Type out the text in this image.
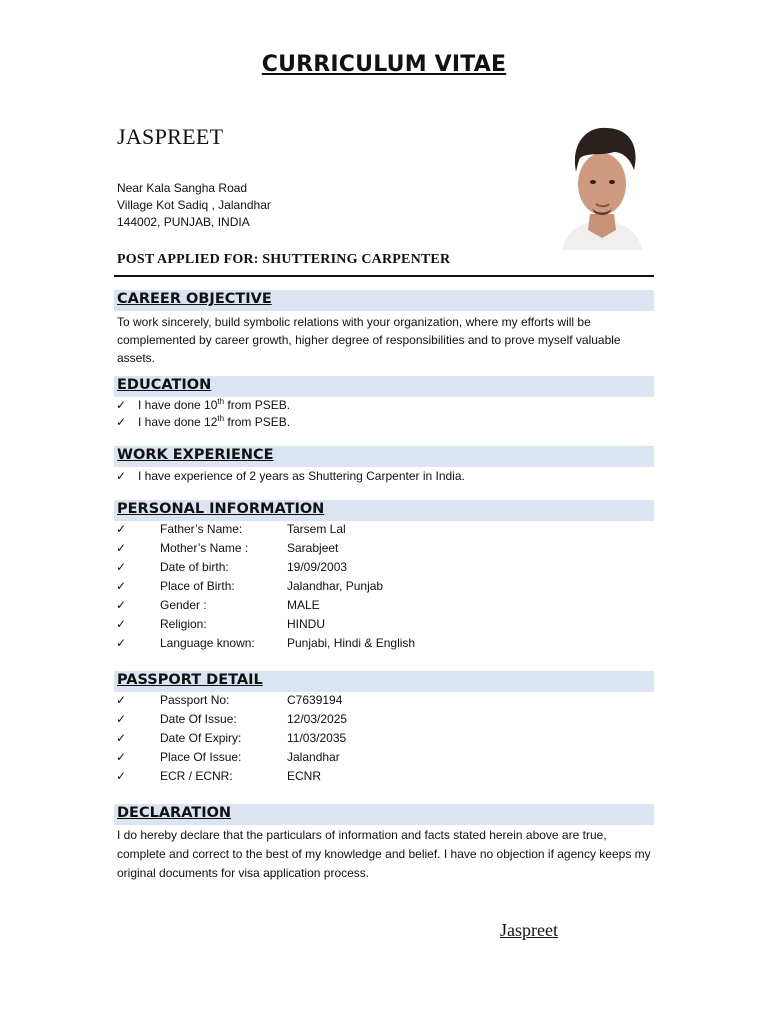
CURRICULUM VITAE
JASPREET
Near Kala Sangha Road
Village Kot Sadiq , Jalandhar
144002, PUNJAB, INDIA
POST APPLIED FOR: SHUTTERING CARPENTER
CAREER OBJECTIVE
To work sincerely, build symbolic relations with your organization, where my efforts will be
complemented by career growth, higher degree of responsibilities and to prove myself valuable
assets.
EDUCATION
✓ I have done 10th from PSEB.
✓ I have done 12th from PSEB.
WORK EXPERIENCE
✓ I have experience of 2 years as Shuttering Carpenter in India.
PERSONAL INFORMATION
✓	Father’s Name:	Tarsem Lal
✓	Mother’s Name :	Sarabjeet
✓	Date of birth:	19/09/2003
✓	Place of Birth:	Jalandhar, Punjab
✓	Gender :	MALE
✓	Religion:	HINDU
✓	Language known:	Punjabi, Hindi & English
PASSPORT DETAIL
✓	Passport No:	C7639194
✓	Date Of Issue:	12/03/2025
✓	Date Of Expiry:	11/03/2035
✓	Place Of Issue:	Jalandhar
✓	ECR / ECNR:	ECNR
DECLARATION
I do hereby declare that the particulars of information and facts stated herein above are true,
complete and correct to the best of my knowledge and belief. I have no objection if agency keeps my
original documents for visa application process.
Jaspreet
